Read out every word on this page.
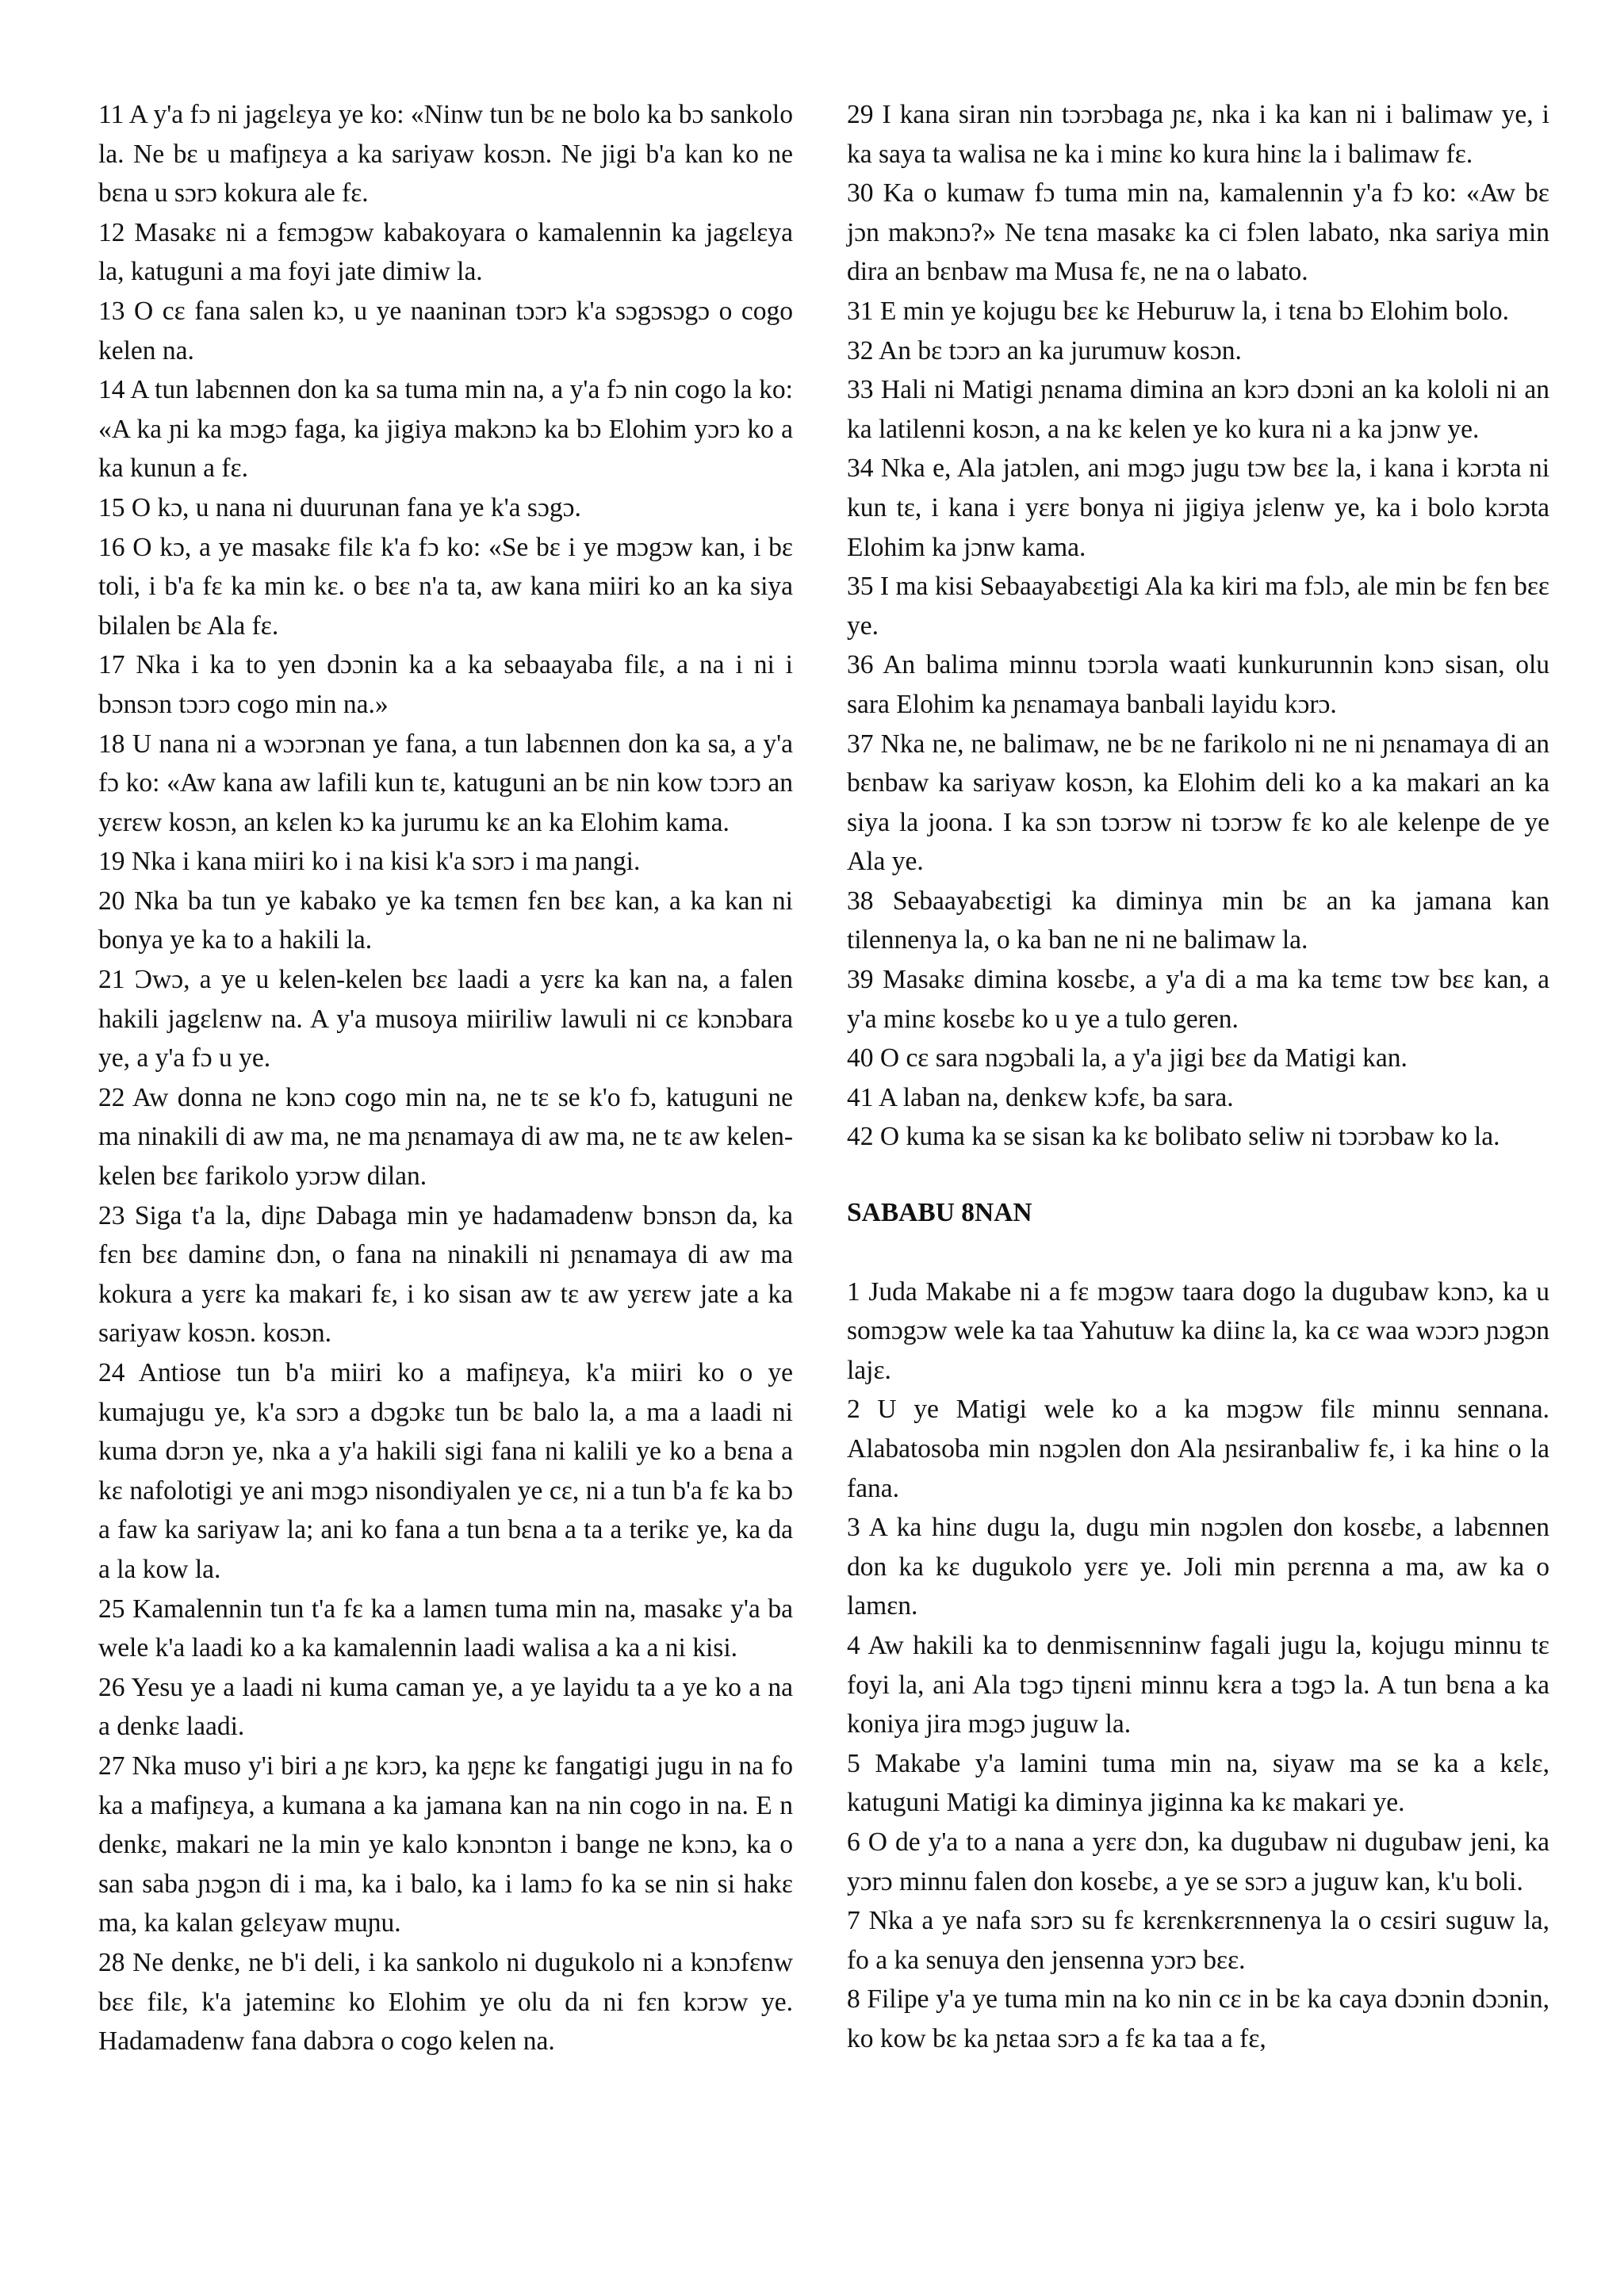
11 A y'a fɔ ni jagɛlɛya ye ko: «Ninw tun bɛ ne bolo ka bɔ sankolo la. Ne bɛ u mafiɲɛya a ka sariyaw kosɔn. Ne jigi b'a kan ko ne bɛna u sɔrɔ kokura ale fɛ.

12 Masakɛ ni a fɛmɔgɔw kabakoyara o kamalennin ka jagɛlɛya la, katuguni a ma foyi jate dimiw la.

13 O cɛ fana salen kɔ, u ye naaninan tɔɔrɔ k'a sɔgɔsɔgɔ o cogo kelen na.

14 A tun labɛnnen don ka sa tuma min na, a y'a fɔ nin cogo la ko: «A ka ɲi ka mɔgɔ faga, ka jigiya makɔnɔ ka bɔ Elohim yɔrɔ ko a ka kunun a fɛ.

15 O kɔ, u nana ni duurunan fana ye k'a sɔgɔ.

16 O kɔ, a ye masakɛ filɛ k'a fɔ ko: «Se bɛ i ye mɔgɔw kan, i bɛ toli, i b'a fɛ ka min kɛ. o bɛɛ n'a ta, aw kana miiri ko an ka siya bilalen bɛ Ala fɛ.

17 Nka i ka to yen dɔɔnin ka a ka sebaayaba filɛ, a na i ni i bɔnsɔn tɔɔrɔ cogo min na.»

18 U nana ni a wɔɔrɔnan ye fana, a tun labɛnnen don ka sa, a y'a fɔ ko: «Aw kana aw lafili kun tɛ, katuguni an bɛ nin kow tɔɔrɔ an yɛrɛw kosɔn, an kɛlen kɔ ka jurumu kɛ an ka Elohim kama.

19 Nka i kana miiri ko i na kisi k'a sɔrɔ i ma ɲangi.

20 Nka ba tun ye kabako ye ka tɛmɛn fɛn bɛɛ kan, a ka kan ni bonya ye ka to a hakili la.

21 Ɔwɔ, a ye u kelen-kelen bɛɛ laadi a yɛrɛ ka kan na, a falen hakili jagɛlɛnw na. A y'a musoya miiriliw lawuli ni cɛ kɔnɔbara ye, a y'a fɔ u ye.

22 Aw donna ne kɔnɔ cogo min na, ne tɛ se k'o fɔ, katuguni ne ma ninakili di aw ma, ne ma ɲɛnamaya di aw ma, ne tɛ aw kelen-kelen bɛɛ farikolo yɔrɔw dilan.

23 Siga t'a la, diɲɛ Dabaga min ye hadamadenw bɔnsɔn da, ka fɛn bɛɛ daminɛ dɔn, o fana na ninakili ni ɲɛnamaya di aw ma kokura a yɛrɛ ka makari fɛ, i ko sisan aw tɛ aw yɛrɛw jate a ka sariyaw kosɔn. kosɔn.

24 Antiose tun b'a miiri ko a mafiɲɛya, k'a miiri ko o ye kumajugu ye, k'a sɔrɔ a dɔgɔkɛ tun bɛ balo la, a ma a laadi ni kuma dɔrɔn ye, nka a y'a hakili sigi fana ni kalili ye ko a bɛna a kɛ nafolotigi ye ani mɔgɔ nisondiyalen ye cɛ, ni a tun b'a fɛ ka bɔ a faw ka sariyaw la; ani ko fana a tun bɛna a ta a terikɛ ye, ka da a la kow la.

25 Kamalennin tun t'a fɛ ka a lamɛn tuma min na, masakɛ y'a ba wele k'a laadi ko a ka kamalennin laadi walisa a ka a ni kisi.

26 Yesu ye a laadi ni kuma caman ye, a ye layidu ta a ye ko a na a denkɛ laadi.

27 Nka muso y'i biri a ɲɛ kɔrɔ, ka ŋɛɲɛ kɛ fangatigi jugu in na fo ka a mafiɲɛya, a kumana a ka jamana kan na nin cogo in na. E n denkɛ, makari ne la min ye kalo kɔnɔntɔn i bange ne kɔnɔ, ka o san saba ɲɔgɔn di i ma, ka i balo, ka i lamɔ fo ka se nin si hakɛ ma, ka kalan gɛlɛyaw muɲu.

28 Ne denkɛ, ne b'i deli, i ka sankolo ni dugukolo ni a kɔnɔfɛnw bɛɛ filɛ, k'a jateminɛ ko Elohim ye olu da ni fɛn kɔrɔw ye. Hadamadenw fana dabɔra o cogo kelen na.

29 I kana siran nin tɔɔrɔbaga ɲɛ, nka i ka kan ni i balimaw ye, i ka saya ta walisa ne ka i minɛ ko kura hinɛ la i balimaw fɛ.

30 Ka o kumaw fɔ tuma min na, kamalennin y'a fɔ ko: «Aw bɛ jɔn makɔnɔ?» Ne tɛna masakɛ ka ci fɔlen labato, nka sariya min dira an bɛnbaw ma Musa fɛ, ne na o labato.

31 E min ye kojugu bɛɛ kɛ Heburuw la, i tɛna bɔ Elohim bolo.

32 An bɛ tɔɔrɔ an ka jurumuw kosɔn.

33 Hali ni Matigi ɲɛnama dimina an kɔrɔ dɔɔni an ka kololi ni an ka latilenni kosɔn, a na kɛ kelen ye ko kura ni a ka jɔnw ye.

34 Nka e, Ala jatɔlen, ani mɔgɔ jugu tɔw bɛɛ la, i kana i kɔrɔta ni kun tɛ, i kana i yɛrɛ bonya ni jigiya jɛlenw ye, ka i bolo kɔrɔta Elohim ka jɔnw kama.

35 I ma kisi Sebaayabɛɛtigi Ala ka kiri ma fɔlɔ, ale min bɛ fɛn bɛɛ ye.

36 An balima minnu tɔɔrɔla waati kunkurunnin kɔnɔ sisan, olu sara Elohim ka ɲɛnamaya banbali layidu kɔrɔ.

37 Nka ne, ne balimaw, ne bɛ ne farikolo ni ne ni ɲɛnamaya di an bɛnbaw ka sariyaw kosɔn, ka Elohim deli ko a ka makari an ka siya la joona. I ka sɔn tɔɔrɔw ni tɔɔrɔw fɛ ko ale kelenpe de ye Ala ye.

38 Sebaayabɛɛtigi ka diminya min bɛ an ka jamana kan tilennenya la, o ka ban ne ni ne balimaw la.

39 Masakɛ dimina kosɛbɛ, a y'a di a ma ka tɛmɛ tɔw bɛɛ kan, a y'a minɛ kosɛbɛ ko u ye a tulo geren.

40 O cɛ sara nɔgɔbali la, a y'a jigi bɛɛ da Matigi kan.

41 A laban na, denkɛw kɔfɛ, ba sara.

42 O kuma ka se sisan ka kɛ bolibato seliw ni tɔɔrɔbaw ko la.

SABABU 8NAN

1 Juda Makabe ni a fɛ mɔgɔw taara dogo la dugubaw kɔnɔ, ka u somɔgɔw wele ka taa Yahutuw ka diinɛ la, ka cɛ waa wɔɔrɔ ɲɔgɔn lajɛ.

2 U ye Matigi wele ko a ka mɔgɔw filɛ minnu sennana. Alabatosoba min nɔgɔlen don Ala ɲɛsiranbaliw fɛ, i ka hinɛ o la fana.

3 A ka hinɛ dugu la, dugu min nɔgɔlen don kosɛbɛ, a labɛnnen don ka kɛ dugukolo yɛrɛ ye. Joli min pɛrɛnna a ma, aw ka o lamɛn.

4 Aw hakili ka to denmisɛnninw fagali jugu la, kojugu minnu tɛ foyi la, ani Ala tɔgɔ tiɲɛni minnu kɛra a tɔgɔ la. A tun bɛna a ka koniya jira mɔgɔ juguw la.

5 Makabe y'a lamini tuma min na, siyaw ma se ka a kɛlɛ, katuguni Matigi ka diminya jiginna ka kɛ makari ye.

6 O de y'a to a nana a yɛrɛ dɔn, ka dugubaw ni dugubaw jeni, ka yɔrɔ minnu falen don kosɛbɛ, a ye se sɔrɔ a juguw kan, k'u boli.

7 Nka a ye nafa sɔrɔ su fɛ kɛrɛnkɛrɛnnenya la o cɛsiri suguw la, fo a ka senuya den jensenna yɔrɔ bɛɛ.

8 Filipe y'a ye tuma min na ko nin cɛ in bɛ ka caya dɔɔnin dɔɔnin, ko kow bɛ ka ɲɛtaa sɔrɔ a fɛ ka taa a fɛ,
